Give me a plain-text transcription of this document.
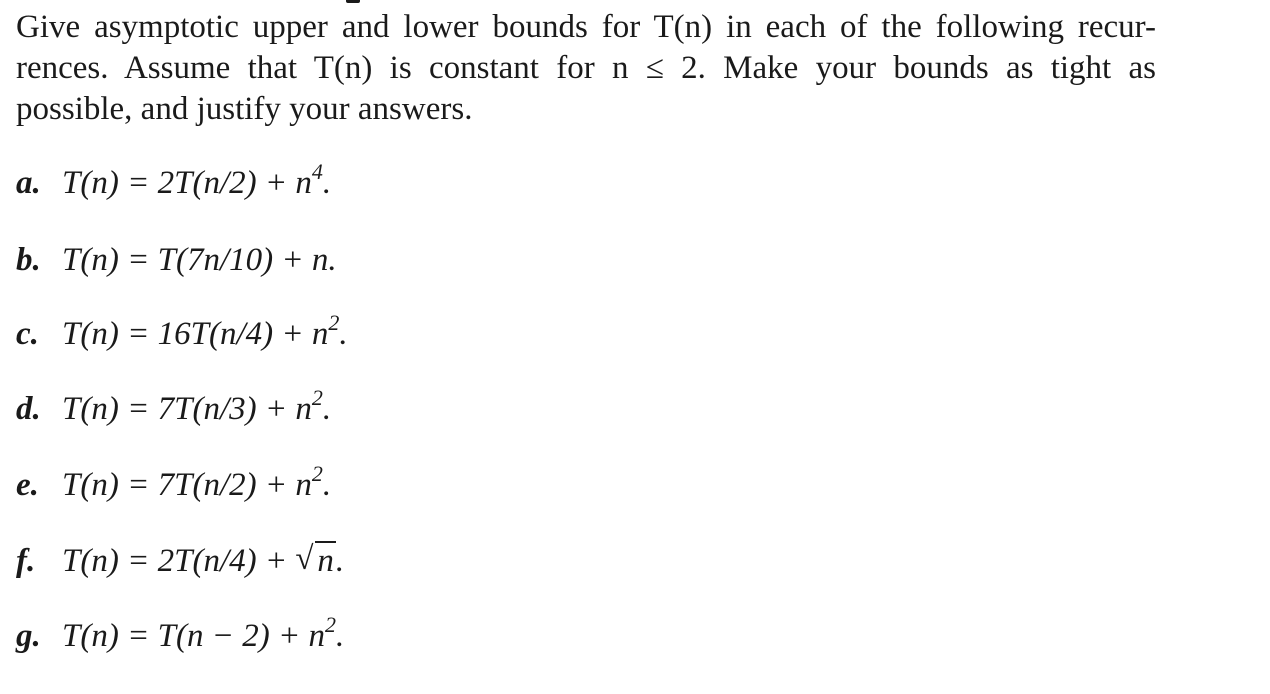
Give asymptotic upper and lower bounds for T(n) in each of the following recur-
rences. Assume that T(n) is constant for n ≤ 2. Make your bounds as tight as
possible, and justify your answers.
a. $T(n) = 2T(n/2) + n^4$.
b. T(n) = T(7n/10) + n.
c. $T(n) = 16T(n/4) + n^2$.
d. $T(n) = 7T(n/3) + n^2$.
e. $T(n) = 7T(n/2) + n^2$.
f. T(n) = 2T(n/4) + √ n.
g. $T(n) = T(n - 2) + n^2$.
